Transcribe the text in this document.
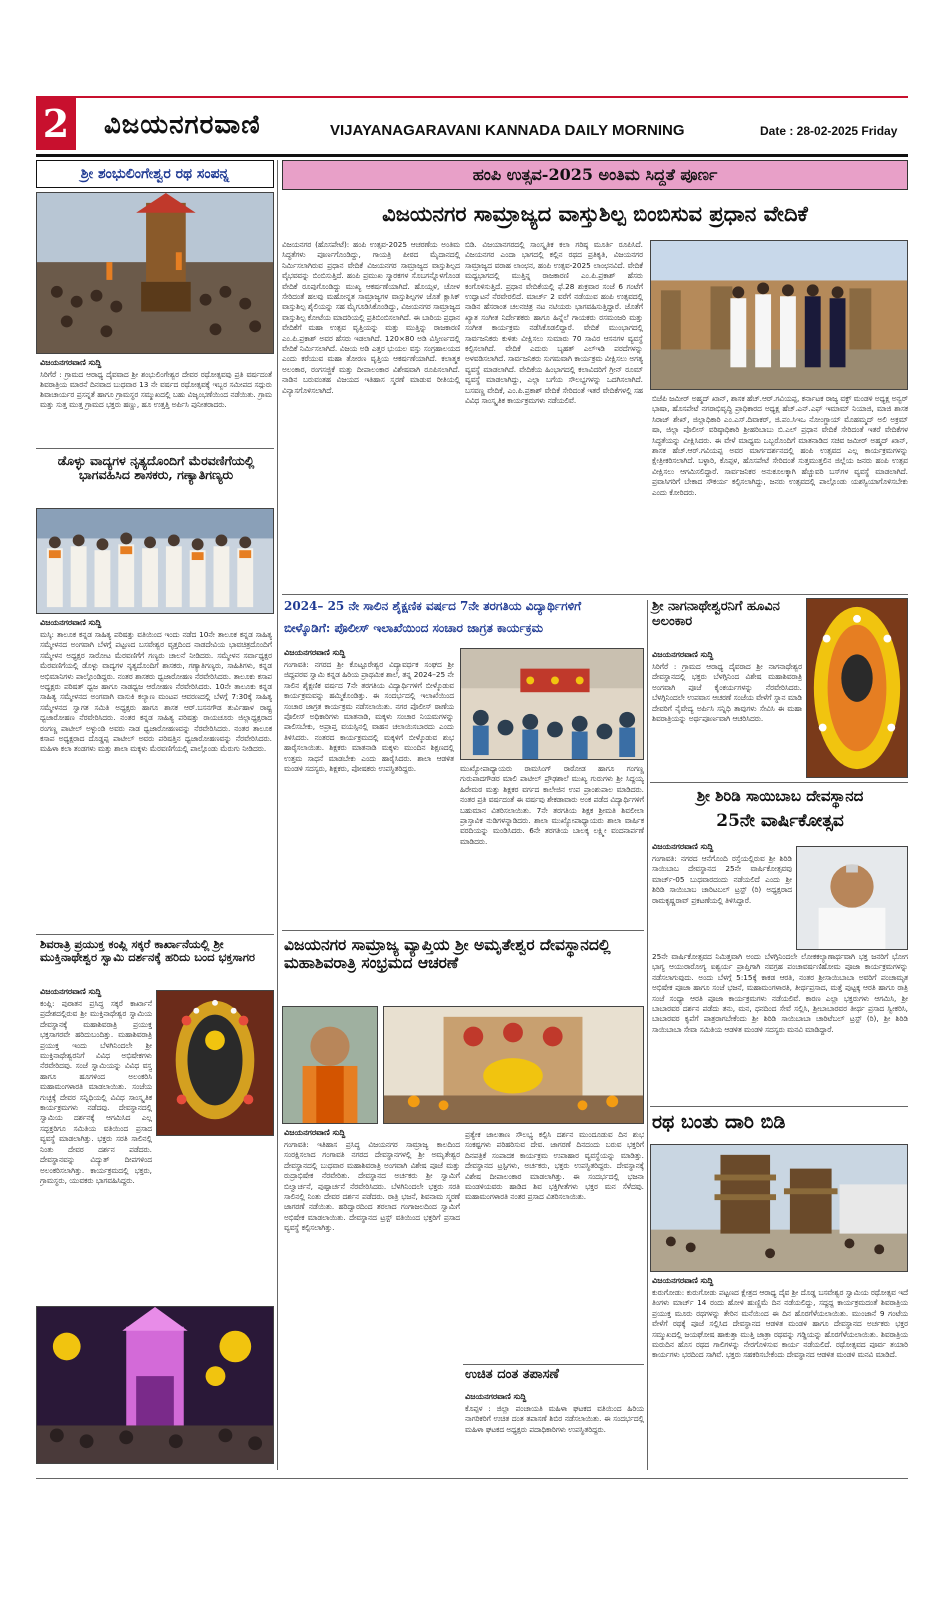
2 ವಿಜಯನಗರವಾಣಿ	VIJAYANAGARAVANI KANNADA DAILY MORNING	Date : 28-02-2025 Friday
ಶ್ರೀ ಶಂಭುಲಿಂಗೇಶ್ವರ ರಥ ಸಂಪನ್ನ
ವಿಜಯನಗರವಾಣಿ ಸುದ್ದಿ
ಸಿರಿಗೆರೆ : ಗ್ರಾಮದ ಆರಾಧ್ಯ ದೈವವಾದ ಶ್ರೀ ಶಂಭುಲಿಂಗೇಶ್ವರ ದೇವರ ರಥೋತ್ಸವವು ಪ್ರತಿ ವರ್ಷದಂತೆ ಶಿವರಾತ್ರಿಯ ಮಾರನೆ ದಿನವಾದ ಬುಧವಾರ 13 ನೇ ವರ್ಷದ ರಥೋತ್ಸವಕ್ಕೆ ಇಬ್ಬರ ಸಮೀಪದ ಸದ್ಗುರು ಶಿವಾಚಾರ್ಯರ ಪ್ರಸನ್ನತೆ ಹಾಗೂ ಗ್ರಾಮಸ್ಥರ ಸಮ್ಮುಖದಲ್ಲಿ ಬಹು ವಿಜೃಂಭಣೆಯಿಂದ ನಡೆಯಿತು. ಗ್ರಾಮ ಮತ್ತು ಸುತ್ತ ಮುತ್ತ ಗ್ರಾಮದ ಭಕ್ತರು ಹಣ್ಣು, ಹೂ ಉತ್ತತ್ತಿ ಅರ್ಪಿಸಿ ಪುನೀತರಾದರು.
ಡೊಳ್ಳು ವಾದ್ಯಗಳ ನೃತ್ಯದೊಂದಿಗೆ ಮೆರವಣಿಗೆಯಲ್ಲಿ ಭಾಗವಹಿಸಿದ ಶಾಸಕರು, ಗಣ್ಯಾತಿಗಣ್ಯರು
ವಿಜಯನಗರವಾಣಿ ಸುದ್ದಿ
ಮಸ್ಕಿ: ತಾಲೂಕ ಕನ್ನಡ ಸಾಹಿತ್ಯ ಪರಿಷತ್ತು ವತಿಯಿಂದ ಇಂದು ನಡೆದ 10ನೇ ತಾಲೂಕ ಕನ್ನಡ ಸಾಹಿತ್ಯ ಸಮ್ಮೇಳನದ ಅಂಗವಾಗಿ ಬೆಳಗ್ಗೆ ಪಟ್ಟಣದ ಬಸವೇಶ್ವರ ವೃತ್ತದಿಂದ ನಾಡದೇವಿಯ ಭಾವಚಿತ್ರದೊಂದಿಗೆ ಸಮ್ಮೇಳನ ಅಧ್ಯಕ್ಷರ ಸಾರೋಟ ಮೆರವಣಿಗೆಗೆ ಗಣ್ಯರು ಚಾಲನೆ ನೀಡಿದರು. ಸಮ್ಮೇಳನ ಸರ್ವಾಧ್ಯಕ್ಷರ ಮೆರವಣಿಗೆಯಲ್ಲಿ ಡೊಳ್ಳು ವಾದ್ಯಗಳ ನೃತ್ಯದೊಂದಿಗೆ ಶಾಸಕರು, ಗಣ್ಯಾತಿಗಣ್ಯರು, ಸಾಹಿತಿಗಳು, ಕನ್ನಡ ಅಭಿಮಾನಿಗಳು ಪಾಲ್ಗೊಂಡಿದ್ದರು. ನಂತರ ಶಾಸಕರು ಧ್ವಜಾರೋಹಣ ನೆರವೇರಿಸಿದರು. ತಾಲೂಕು ಕಸಾಪ ಅಧ್ಯಕ್ಷರು ಪರಿಷತ್ ಧ್ವಜ ಹಾಗೂ ನಾಡಧ್ವಜ ಆರೋಹಣ ನೆರವೇರಿಸಿದರು. 10ನೇ ತಾಲೂಕು ಕನ್ನಡ ಸಾಹಿತ್ಯ ಸಮ್ಮೇಳನದ ಅಂಗವಾಗಿ ವಾಸುಕಿ ಕಲ್ಯಾಣ ಮಂಟಪ ಆವರಣದಲ್ಲಿ ಬೆಳಗ್ಗೆ 7:30ಕ್ಕೆ ಸಾಹಿತ್ಯ ಸಮ್ಮೇಳನದ ಸ್ವಾಗತ ಸಮಿತಿ ಅಧ್ಯಕ್ಷರು ಹಾಗೂ ಶಾಸಕ ಆರ್.ಬಸನಗೌಡ ತುರ್ವಿಹಾಳ ರಾಷ್ಟ್ರ ಧ್ವಜಾರೋಹಣ ನೆರವೇರಿಸಿದರು. ನಂತರ ಕನ್ನಡ ಸಾಹಿತ್ಯ ಪರಿಷತ್ತು ರಾಯಚೂರು ಜಿಲ್ಲಾಧ್ಯಕ್ಷರಾದ ರಂಗಣ್ಣ ಪಾಟೀಲ್ ಅಳ್ಳುಂಡಿ ಅವರು ನಾಡ ಧ್ವಜಾರೋಹಣವನ್ನು ನೆರವೇರಿಸಿದರು. ನಂತರ ತಾಲೂಕ ಕಸಾಪ ಅಧ್ಯಕ್ಷರಾದ ದೊಡ್ಡಪ್ಪ ಪಾಟೀಲ್ ಅವರು ಪರಿಷತ್ತಿನ ಧ್ವಜಾರೋಹಣವನ್ನು ನೆರವೇರಿಸಿದರು. ಮಹಿಳಾ ಕಲಾ ತಂಡಗಳು ಮತ್ತು ಶಾಲಾ ಮಕ್ಕಳು ಮೆರವಣಿಗೆಯಲ್ಲಿ ಪಾಲ್ಗೊಂಡು ಮೆರುಗು ನೀಡಿದರು.
ಶಿವರಾತ್ರಿ ಪ್ರಯುಕ್ತ ಕಂಪ್ಲಿ ಸಕ್ಕರೆ ಕಾರ್ಖಾನೆಯಲ್ಲಿ ಶ್ರೀ ಮುಕ್ತಿನಾಥೇಶ್ವರ ಸ್ವಾಮಿ ದರ್ಶನಕ್ಕೆ ಹರಿದು ಬಂದ ಭಕ್ತಸಾಗರ
ವಿಜಯನಗರವಾಣಿ ಸುದ್ದಿ
ಕಂಪ್ಲಿ: ಪುರಾತನ ಪ್ರಸಿದ್ಧ ಸಕ್ಕರೆ ಕಾರ್ಖಾನೆ ಪ್ರದೇಶದಲ್ಲಿರುವ ಶ್ರೀ ಮುಕ್ತಿನಾಥೇಶ್ವರ ಸ್ವಾಮಿಯ ದೇವಸ್ಥಾನಕ್ಕೆ ಮಹಾಶಿವರಾತ್ರಿ ಪ್ರಯುಕ್ತ ಭಕ್ತಸಾಗರವೇ ಹರಿದುಬಂದಿತ್ತು. ಮಹಾಶಿವರಾತ್ರಿ ಪ್ರಯುಕ್ತ ಇಂದು ಬೆಳಗಿನಿಂದಲೇ ಶ್ರೀ ಮುಕ್ತಿನಾಥೇಶ್ವರನಿಗೆ ವಿವಿಧ ಅಭಿಷೇಕಗಳು ನೆರವೇರಿದವು. ಸಂಜೆ ಸ್ವಾಮಿಯನ್ನು ವಿವಿಧ ವಸ್ತ್ರ ಹಾಗೂ ಹೂಗಳಿಂದ ಅಲಂಕರಿಸಿ ಮಹಾಮಂಗಳಾರತಿ ಮಾಡಲಾಯಿತು. ಸಂಜೆಯ ಗುಚ್ಛಕ್ಕೆ ದೇವರ ಸನ್ನಿಧಿಯಲ್ಲಿ ವಿವಿಧ ಸಾಂಸ್ಕೃತಿಕ ಕಾರ್ಯಕ್ರಮಗಳು ನಡೆದವು. ದೇವಸ್ಥಾನದಲ್ಲಿ ಸ್ವಾಮಿಯ ದರ್ಶನಕ್ಕೆ ಆಗಮಿಸಿದ ಎಲ್ಲ ಸದ್ಭಕ್ತರಿಗೂ ಸಮಿತಿಯ ವತಿಯಿಂದ ಪ್ರಸಾದ ವ್ಯವಸ್ಥೆ ಮಾಡಲಾಗಿತ್ತು. ಭಕ್ತರು ಸರತಿ ಸಾಲಿನಲ್ಲಿ ನಿಂತು ದೇವರ ದರ್ಶನ ಪಡೆದರು. ದೇವಸ್ಥಾನವನ್ನು ವಿದ್ಯುತ್ ದೀಪಗಳಿಂದ ಅಲಂಕರಿಸಲಾಗಿತ್ತು. ಕಾರ್ಯಕ್ರಮದಲ್ಲಿ ಭಕ್ತರು, ಗ್ರಾಮಸ್ಥರು, ಯುವಕರು ಭಾಗವಹಿಸಿದ್ದರು.
ಹಂಪಿ ಉತ್ಸವ-2025 ಅಂತಿಮ ಸಿದ್ದತೆ ಪೂರ್ಣ
ವಿಜಯನಗರ ಸಾಮ್ರಾಜ್ಯದ ವಾಸ್ತುಶಿಲ್ಪ ಬಿಂಬಿಸುವ ಪ್ರಧಾನ ವೇದಿಕೆ
ವಿಜಯನಗರ (ಹೊಸಪೇಟೆ): ಹಂಪಿ ಉತ್ಸವ-2025 ಆಚರಣೆಯ ಅಂತಿಮ ಸಿದ್ಧತೆಗಳು ಪೂರ್ಣಗೊಂಡಿದ್ದು, ಗಾಯತ್ರಿ ಪೀಠದ ಮೈದಾನದಲ್ಲಿ ನಿರ್ಮಿಸಲಾಗಿರುವ ಪ್ರಧಾನ ವೇದಿಕೆ ವಿಜಯನಗರ ಸಾಮ್ರಾಜ್ಯದ ವಾಸ್ತುಶಿಲ್ಪದ ವೈಭವವನ್ನು ಬಿಂಬಿಸುತ್ತಿದೆ. ಹಂಪಿ ಪ್ರಮುಖ ಸ್ಮಾರಕಗಳ ಸೊಬಗನ್ನೊಳಗೊಂಡ ವೇದಿಕೆ ರೂಪುಗೊಂಡಿದ್ದು ಮುಖ್ಯ ಆಕರ್ಷಣೆಯಾಗಿದೆ. ಹೊಯ್ಸಳ, ಚೋಳ ಸೇರಿದಂತೆ ಹಲವು ಮಹೋನ್ನತ ಸಾಮ್ರಾಜ್ಯಗಳ ವಾಸ್ತುಶಿಲ್ಪಗಳ ಜೊತೆ ಕ್ಲಾಸಿಕ್ ವಾಸ್ತುಶಿಲ್ಪ ಶೈಲಿಯನ್ನು ಸಹ ಮೈಗೂಡಿಸಿಕೊಂಡಿದ್ದು, ವಿಜಯನಗರ ಸಾಮ್ರಾಜ್ಯದ ವಾಸ್ತುಶಿಲ್ಪ ಕೋಟೆಯ ಮಾದರಿಯಲ್ಲಿ ಪ್ರತಿಬಿಂಬಿಸಲಾಗಿದೆ. ಈ ಬಾರಿಯ ಪ್ರಧಾನ ವೇದಿಕೆಗೆ ಮಹಾ ಉತ್ಸವ ವೃತ್ತಿಯನ್ನು ಮತ್ತು ಮುತ್ತಿನ್ನು ರಾಜಕಾರಣಿ ಎಂ.ಪಿ.ಪ್ರಕಾಶ್ ಅವರ ಹೆಸರು ಇಡಲಾಗಿದೆ. 120×80 ಅಡಿ ವಿಸ್ತೀರ್ಣದಲ್ಲಿ ವೇದಿಕೆ ನಿರ್ಮಿಸಲಾಗಿದೆ. ವಿಜಯ ಅಡಿ ಎತ್ತರ ಭುಯಲ ವಸ್ತು ಸಂಗ್ರಹಾಲಯದ ಎಂದು ಕರೆಯುವ ಮಹಾ ತೋರಣ ವೃತ್ತಿಯ ಆಕರ್ಷಣೆಯಾಗಿದೆ. ಕಲಾತ್ಮಕ ಅಲಂಕಾರ, ರಂಗಸಜ್ಜಿಕೆ ಮತ್ತು ದೀಪಾಲಂಕಾರ ವಿಶೇಷವಾಗಿ ರೂಪಿಸಲಾಗಿದೆ. ನಾಡಿನ ಬರುವಂತಹ ವಿಜಯದ ಇತಿಹಾಸ ಸ್ಮರಣೆ ಮಾಡುವ ರೀತಿಯಲ್ಲಿ ವಿನ್ಯಾಸಗೊಳಿಸಲಾಗಿದೆ.
ಬಿಡಿ. ವಿಜಯಾನಗರದಲ್ಲಿ ಸಾಂಸ್ಕೃತಿಕ ಕಲಾ ಗರಿಷ್ಠ ಮೂರ್ತಿ ರೂಪಿಸಿದೆ. ವಿಜಯನಗರ ಎಂದಾ ಭಾಗದಲ್ಲಿ ಕಲ್ಲಿನ ರಥದ ಪ್ರತಿಕೃತಿ, ವಿಜಯನಗರ ಸಾಮ್ರಾಜ್ಯದ ವರಾಹ ಲಾಂಛನ, ಹಂಪಿ ಉತ್ಸವ-2025 ಲಾಂಛನವಿದೆ. ವೇದಿಕೆ ಮಧ್ಯಭಾಗದಲ್ಲಿ ಮುತ್ತಿನ್ನ ರಾಜಕಾರಣಿ ಎಂ.ಪಿ.ಪ್ರಕಾಶ್ ಹೆಸರು ಕಂಗೊಳಿಸುತ್ತಿದೆ. ಪ್ರಧಾನ ವೇದಿಕೆಯಲ್ಲಿ ಫೆ.28 ಶುಕ್ರವಾರ ಸಂಜೆ 6 ಗಂಟೆಗೆ ಉದ್ಘಾಟನೆ ನೆರವೇರಲಿದೆ. ಮಾರ್ಚ್ 2 ವರೆಗೆ ನಡೆಯುವ ಹಂಪಿ ಉತ್ಸವದಲ್ಲಿ ನಾಡಿನ ಹೆಸರಾಂತ ಚಲನಚಿತ್ರ ನಟ ನಟಿಯರು ಭಾಗವಹಿಸುತ್ತಿದ್ದಾರೆ. ಜೊತೆಗೆ ಖ್ಯಾತ ಸಂಗೀತ ನಿರ್ದೇಶಕರು ಹಾಗೂ ಹಿನ್ನೆಲೆ ಗಾಯಕರು ರಸಮಂಜರಿ ಮತ್ತು ಸಂಗೀತ ಕಾರ್ಯಕ್ರಮ ನಡೆಸಿಕೊಡಲಿದ್ದಾರೆ. ವೇದಿಕೆ ಮುಂಭಾಗದಲ್ಲಿ ಸಾರ್ವಜನಿಕರು ಕುಳಿತು ವೀಕ್ಷಿಸಲು ಸುಮಾರು 70 ಸಾವಿರ ಆಸನಗಳ ವ್ಯವಸ್ಥೆ ಕಲ್ಪಿಸಲಾಗಿದೆ. ವೇದಿಕೆ ಎದುರು ಬೃಹತ್ ಎಲ್‌ಇಡಿ ಪರದೆಗಳನ್ನು ಅಳವಡಿಸಲಾಗಿದೆ. ಸಾರ್ವಜನಿಕರು ಸುಗಮವಾಗಿ ಕಾರ್ಯಕ್ರಮ ವೀಕ್ಷಿಸಲು ಅಗತ್ಯ ವ್ಯವಸ್ಥೆ ಮಾಡಲಾಗಿದೆ. ವೇದಿಕೆಯ ಹಿಂಭಾಗದಲ್ಲಿ ಕಲಾವಿದರಿಗೆ ಗ್ರೀನ್ ರೂಮ್ ವ್ಯವಸ್ಥೆ ಮಾಡಲಾಗಿದ್ದು, ಎಲ್ಲಾ ಬಗೆಯ ಸೌಲಭ್ಯಗಳನ್ನು ಒದಗಿಸಲಾಗಿದೆ. ಬಸವಣ್ಣ ವೇದಿಕೆ, ಎಂ.ಪಿ.ಪ್ರಕಾಶ್ ವೇದಿಕೆ ಸೇರಿದಂತೆ ಇತರೆ ವೇದಿಕೆಗಳಲ್ಲಿ ಸಹ ವಿವಿಧ ಸಾಂಸ್ಕೃತಿಕ ಕಾರ್ಯಕ್ರಮಗಳು ನಡೆಯಲಿವೆ.	ಬಿಜೆಪಿ ಜಮೀರ್ ಅಹ್ಮದ್ ಖಾನ್, ಶಾಸಕ ಹೆಚ್.ಆರ್.ಗವಿಯಪ್ಪ, ಕರ್ನಾಟಕ ರಾಜ್ಯ ವಕ್ಫ್ ಮಂಡಳಿ ಅಧ್ಯಕ್ಷ ಅನ್ವರ್ ಭಾಷಾ, ಹೊಸಪೇಟೆ ನಗರಾಭಿವೃದ್ಧಿ ಪ್ರಾಧಿಕಾರದ ಅಧ್ಯಕ್ಷ ಹೆಚ್.ಎನ್.ಎಫ್ ಇಮಾಮ್ ನಿಯಾಜಿ, ಮಾಜಿ ಶಾಸಕ ಸಿರಾಜ್ ಶೇಖ್, ಜಿಲ್ಲಾಧಿಕಾರಿ ಎಂ.ಎಸ್.ದಿವಾಕರ್, ಜಿ.ಪಂ.ಸಿಇಒ ನೋಂಗ್ಜಾಯ್ ಮೊಹಮ್ಮದ್ ಅಲಿ ಅಕ್ರಮ್ ಷಾ, ಜಿಲ್ಲಾ ಪೊಲೀಸ್ ವರಿಷ್ಠಾಧಿಕಾರಿ ಶ್ರೀಹರಿಬಾಬು ಬಿ.ಎಲ್ ಪ್ರಧಾನ ವೇದಿಕೆ ಸೇರಿದಂತೆ ಇತರೆ ವೇದಿಕೆಗಳ ಸಿದ್ಧತೆಯನ್ನು ವೀಕ್ಷಿಸಿದರು. ಈ ವೇಳೆ ಮಾಧ್ಯಮ ಒಬ್ಬರೊಂದಿಗೆ ಮಾತನಾಡಿದ ಸಚಿವ ಜಮೀರ್ ಅಹ್ಮದ್ ಖಾನ್, ಶಾಸಕ ಹೆಚ್.ಆರ್.ಗವಿಯಪ್ಪ ಅವರ ಮಾರ್ಗದರ್ಶನದಲ್ಲಿ ಹಂಪಿ ಉತ್ಸವದ ಎಲ್ಲ ಕಾರ್ಯಕ್ರಮಗಳನ್ನು ಕ್ಷೇತ್ರೀಕರಿಸಲಾಗಿದೆ. ಬಳ್ಳಾರಿ, ಕೊಪ್ಪಳ, ಹೊಸಪೇಟೆ ಸೇರಿದಂತೆ ಸುತ್ತಮುತ್ತಲಿನ ಜಿಲ್ಲೆಯ ಜನರು ಹಂಪಿ ಉತ್ಸವ ವೀಕ್ಷಿಸಲು ಆಗಮಿಸಲಿದ್ದಾರೆ. ಸಾರ್ವಜನಿಕರ ಅನುಕೂಲಕ್ಕಾಗಿ ಹೆಚ್ಚುವರಿ ಬಸ್‌ಗಳ ವ್ಯವಸ್ಥೆ ಮಾಡಲಾಗಿದೆ. ಪ್ರವಾಸಿಗರಿಗೆ ಬೇಕಾದ ಸೌಕರ್ಯ ಕಲ್ಪಿಸಲಾಗಿದ್ದು, ಜನರು ಉತ್ಸವದಲ್ಲಿ ಪಾಲ್ಗೊಂಡು ಯಶಸ್ವಿಯಾಗೊಳಿಸಬೇಕು ಎಂದು ಕೋರಿದರು.
2024– 25 ನೇ ಸಾಲಿನ ಶೈಕ್ಷಣಿಕ ವರ್ಷದ 7ನೇ ತರಗತಿಯ ವಿದ್ಯಾರ್ಥಿಗಳಿಗೆ
ಬೀಳ್ಕೊಡಿಗೆ: ಪೊಲೀಸ್ ಇಲಾಖೆಯಿಂದ ಸಂಚಾರ ಜಾಗ್ರತ ಕಾರ್ಯಕ್ರಮ
ವಿಜಯನಗರವಾಣಿ ಸುದ್ದಿ
ಗಂಗಾವತಿ: ನಗರದ ಶ್ರೀ ಕೊಟ್ಟೂರೇಶ್ವರ ವಿದ್ಯಾವರ್ಧಕ ಸಂಘದ ಶ್ರೀ ಜಿದ್ದಪರವ ಸ್ವಾಮಿ ಕನ್ನಡ ಹಿರಿಯ ಪ್ರಾಥಮಿಕ ಶಾಲೆ, ತನ್ನ 2024–25 ನೇ ಸಾಲಿನ ಶೈಕ್ಷಣಿಕ ವರ್ಷದ 7ನೇ ತರಗತಿಯ ವಿದ್ಯಾರ್ಥಿಗಳಿಗೆ ಬೀಳ್ಕೊಡುವ ಕಾರ್ಯಕ್ರಮವನ್ನು ಹಮ್ಮಿಕೊಂಡಿತ್ತು. ಈ ಸಂದರ್ಭದಲ್ಲಿ ಇಲಾಖೆಯಿಂದ ಸಂಚಾರ ಜಾಗ್ರತ ಕಾರ್ಯಕ್ರಮ ನಡೆಸಲಾಯಿತು. ನಗರ ಪೊಲೀಸ್ ಠಾಣೆಯ ಪೊಲೀಸ್ ಅಧಿಕಾರಿಗಳು ಮಾತನಾಡಿ, ಮಕ್ಕಳು ಸಂಚಾರ ನಿಯಮಗಳನ್ನು ಪಾಲಿಸಬೇಕು, ಅಪ್ರಾಪ್ತ ವಯಸ್ಸಿನಲ್ಲಿ ವಾಹನ ಚಲಾಯಿಸಬಾರದು ಎಂದು ತಿಳಿಸಿದರು. ನಂತರದ ಕಾರ್ಯಕ್ರಮದಲ್ಲಿ ಮಕ್ಕಳಿಗೆ ಬೀಳ್ಕೊಡುವ ಶುಭ ಹಾರೈಸಲಾಯಿತು. ಶಿಕ್ಷಕರು ಮಾತನಾಡಿ ಮಕ್ಕಳು ಮುಂದಿನ ಶಿಕ್ಷಣದಲ್ಲಿ ಉತ್ತಮ ಸಾಧನೆ ಮಾಡಬೇಕು ಎಂದು ಹಾರೈಸಿದರು. ಶಾಲಾ ಆಡಳಿತ ಮಂಡಳಿ ಸದಸ್ಯರು, ಶಿಕ್ಷಕರು, ಪೋಷಕರು ಉಪಸ್ಥಿತರಿದ್ದರು.	ಮುಖ್ಯೋಪಾಧ್ಯಾಯರು ರಾಮಸಿಂಗ್ ರಾಠೋಡ ಹಾಗೂ ಗಂಗಣ್ಣ ಗುರುಪಾದಗೌಡರ ಮಾಲಿ ಪಾಟೀಲ್ ಪ್ರೌಢಶಾಲೆ ಮುಖ್ಯ ಗುರುಗಳು ಶ್ರೀ ಸಿದ್ದಯ್ಯ ಹಿರೇಮಠ ಮತ್ತು ಶಿಕ್ಷಕರ ವರ್ಗದ ಕಾಲೇಜಿನ ಉಪ ಪ್ರಾಂಶುಪಾಲ ಮಾಡಿದರು. ನಂತರ ಪ್ರತಿ ವರ್ಷದಂತೆ ಈ ವರ್ಷವು ಶೇಕಡಾವಾರು ಅಂಕ ಪಡೆದ ವಿದ್ಯಾರ್ಥಿಗಳಿಗೆ ಬಹುಮಾನ ವಿತರಿಸಲಾಯಿತು. 7ನೇ ತರಗತಿಯ ಶಿಕ್ಷಕ ಶ್ರೀಮತಿ ಶಿವಲೀಲಾ ಪ್ರಾಸ್ತಾವಿಕ ನುಡಿಗಳನ್ನಾಡಿದರು. ಶಾಲಾ ಮುಖ್ಯೋಪಾಧ್ಯಾಯರು ಶಾಲಾ ವಾರ್ಷಿಕ ವರದಿಯನ್ನು ಮಂಡಿಸಿದರು. 6ನೇ ತರಗತಿಯ ಬಾಲಕ್ಕ ಲಕ್ಷ್ಮೀ ವಂದನಾರ್ಪಣೆ ಮಾಡಿದರು.
ವಿಜಯನಗರ ಸಾಮ್ರಾಜ್ಯ ವ್ಯಾಪ್ತಿಯ ಶ್ರೀ ಅಮೃತೇಶ್ವರ ದೇವಸ್ಥಾನದಲ್ಲಿ ಮಹಾಶಿವರಾತ್ರಿ ಸಂಭ್ರಮದ ಆಚರಣೆ
ವಿಜಯನಗರವಾಣಿ ಸುದ್ದಿ
ಗಂಗಾವತಿ: ಇತಿಹಾಸ ಪ್ರಸಿದ್ಧ ವಿಜಯನಗರ ಸಾಮ್ರಾಜ್ಯ ಕಾಲದಿಂದ ಸಂರಕ್ಷಿಸಲಾದ ಗಂಗಾವತಿ ನಗರದ ದೇವಸ್ಥಾನಗಳಲ್ಲಿ ಶ್ರೀ ಅಮೃತೇಶ್ವರ ದೇವಸ್ಥಾನದಲ್ಲಿ ಬುಧವಾರ ಮಹಾಶಿವರಾತ್ರಿ ಅಂಗವಾಗಿ ವಿಶೇಷ ಪೂಜೆ ಮತ್ತು ರುದ್ರಾಭಿಷೇಕ ನೆರವೇರಿತು. ದೇವಸ್ಥಾನದ ಅರ್ಚಕರು ಶ್ರೀ ಸ್ವಾಮಿಗೆ ಬಿಲ್ವಾರ್ಚನೆ, ಪುಷ್ಪಾರ್ಚನೆ ನೆರವೇರಿಸಿದರು. ಬೆಳಗಿನಿಂದಲೇ ಭಕ್ತರು ಸರತಿ ಸಾಲಿನಲ್ಲಿ ನಿಂತು ದೇವರ ದರ್ಶನ ಪಡೆದರು. ರಾತ್ರಿ ಭಜನೆ, ಶಿವನಾಮ ಸ್ಮರಣೆ ಜಾಗರಣೆ ನಡೆಯಿತು. ಹರಿದ್ವಾರದಿಂದ ತರಲಾದ ಗಂಗಾಜಲದಿಂದ ಸ್ವಾಮಿಗೆ ಅಭಿಷೇಕ ಮಾಡಲಾಯಿತು. ದೇವಸ್ಥಾನದ ಟ್ರಸ್ಟ್ ವತಿಯಿಂದ ಭಕ್ತರಿಗೆ ಪ್ರಸಾದ ವ್ಯವಸ್ಥೆ ಕಲ್ಪಿಸಲಾಗಿತ್ತು.
ಪ್ರತ್ಯೇಕ ಜಾಲತಾಣ ಸೌಲಭ್ಯ ಕಲ್ಪಿಸಿ ದರ್ಶನ ಮುಂದೂಡುವ ದಿನ ಶುಭ ಸಂಕಷ್ಟಗಳು ಪರಿಹರಿಸುವ ದೇವ. ಜಾಗರಣೆ ದಿನದಂದು ಬರುವ ಭಕ್ತರಿಗೆ ದಿನಪತ್ರಿಕೆ ಸಂಪಾದಕ ಕಾರ್ಯಕ್ರಮ ಉಪಾಹಾರ ವ್ಯವಸ್ಥೆಯನ್ನು ಮಾಡಿತ್ತು. ದೇವಸ್ಥಾನದ ಟ್ರಸ್ಟಿಗಳು, ಅರ್ಚಕರು, ಭಕ್ತರು ಉಪಸ್ಥಿತರಿದ್ದರು. ದೇವಸ್ಥಾನಕ್ಕೆ ವಿಶೇಷ ದೀಪಾಲಂಕಾರ ಮಾಡಲಾಗಿತ್ತು. ಈ ಸಂದರ್ಭದಲ್ಲಿ ಭಜನಾ ಮಂಡಳಿಯವರು ಹಾಡಿದ ಶಿವ ಭಕ್ತಿಗೀತೆಗಳು ಭಕ್ತರ ಮನ ಸೆಳೆದವು. ಮಹಾಮಂಗಳಾರತಿ ನಂತರ ಪ್ರಸಾದ ವಿತರಿಸಲಾಯಿತು.
ಉಚಿತ ದಂತ ತಪಾಸಣೆ
ವಿಜಯನಗರವಾಣಿ ಸುದ್ದಿ
ಕೊಪ್ಪಳ : ಜಿಲ್ಲಾ ಪಂಚಾಯತಿ ಮಹಿಳಾ ಘಟಕದ ವತಿಯಿಂದ ಹಿರಿಯ ನಾಗರಿಕರಿಗೆ ಉಚಿತ ದಂತ ತಪಾಸಣೆ ಶಿಬಿರ ನಡೆಸಲಾಯಿತು. ಈ ಸಂದರ್ಭದಲ್ಲಿ ಮಹಿಳಾ ಘಟಕದ ಅಧ್ಯಕ್ಷರು ಪದಾಧಿಕಾರಿಗಳು ಉಪಸ್ಥಿತರಿದ್ದರು.
ಶ್ರೀ ನಾಗನಾಥೇಶ್ವರನಿಗೆ ಹೂವಿನ ಅಲಂಕಾರ
ವಿಜಯನಗರವಾಣಿ ಸುದ್ದಿ
ಸಿರಿಗೆರೆ : ಗ್ರಾಮದ ಆರಾಧ್ಯ ದೈವರಾದ ಶ್ರೀ ನಾಗನಾಥೇಶ್ವರ ದೇವಸ್ಥಾನದಲ್ಲಿ ಭಕ್ತರು ಬೆಳಗ್ಗಿನಿಂದ ವಿಶೇಷ ಮಹಾಶಿವರಾತ್ರಿ ಅಂಗವಾಗಿ ಪೂಜೆ ಕೈಂಕರ್ಯಗಳನ್ನು ನೆರವೇರಿಸಿದರು. ಬೆಳಗ್ಗಿನಿಂದಲೇ ಉಪವಾಸ ಆಚರಣೆ ಸಂಜೆಯ ವೇಳೆಗೆ ಸ್ನಾನ ಮಾಡಿ ದೇವರಿಗೆ ನೈವೇದ್ಯ ಅರ್ಪಿಸಿ ಸನ್ನಿಧಿ ತಾವುಗಳು ಸೇವಿಸಿ ಈ ಮಹಾ ಶಿವರಾತ್ರಿಯನ್ನು ಅರ್ಥಪೂರ್ಣವಾಗಿ ಆಚರಿಸಿದರು.
ಶ್ರೀ ಶಿರಿಡಿ ಸಾಯಿಬಾಬ ದೇವಸ್ಥಾನದ
25ನೇ ವಾರ್ಷಿಕೋತ್ಸವ
ವಿಜಯನಗರವಾಣಿ ಸುದ್ದಿ
ಗಂಗಾವತಿ: ನಗರದ ಆನೆಗೊಂದಿ ರಸ್ತೆಯಲ್ಲಿರುವ ಶ್ರೀ ಶಿರಿಡಿ ಸಾಯಿಬಾಬ ದೇವಸ್ಥಾನದ 25ನೇ ವಾರ್ಷಿಕೋತ್ಸವವು ಮಾರ್ಚ್-05 ಬುಧವಾರದಂದು ನಡೆಯಲಿದೆ ಎಂದು ಶ್ರೀ ಶಿರಿಡಿ ಸಾಯಿಬಾಬ ಚಾರಿಟಬಲ್ ಟ್ರಸ್ಟ್ (ರಿ) ಅಧ್ಯಕ್ಷರಾದ ರಾಮಕೃಷ್ಣರಾವ್ ಪ್ರಕಟಣೆಯಲ್ಲಿ ತಿಳಿಸಿದ್ದಾರೆ.
25ನೇ ವಾರ್ಷಿಕೋತ್ಸವದ ನಿಮಿತ್ತವಾಗಿ ಅಂದು ಬೆಳಗ್ಗಿನಿಂದಲೇ ಲೋಕಕಲ್ಯಾಣಾರ್ಥವಾಗಿ ಭಕ್ತ ಜನರಿಗೆ ಭೋಗ ಭಾಗ್ಯ ಆಯುರಾರೋಗ್ಯ ಐಶ್ವರ್ಯ ಪ್ರಾಪ್ತಿಗಾಗಿ ನವಗ್ರಹ ಪಂಚಾವರ್ಷಣಿಹೋಮ ಪೂಜಾ ಕಾರ್ಯಕ್ರಮಗಳನ್ನು ನಡೆಸಲಾಗುವುದು. ಅಂದು ಬೆಳಗ್ಗೆ 5:15ಕ್ಕೆ ಕಾಕಡ ಆರತಿ, ನಂತರ ಶ್ರೀಸಾಯಿಬಾಬಾ ಅವರಿಗೆ ಪಂಚಾಮೃತ ಅಭಿಷೇಕ ಪೂಜಾ ಹಾಗೂ ಸಂಜೆ ಭಜನೆ, ಮಹಾಮಂಗಳಾರತಿ, ತೀರ್ಥಪ್ರಸಾದ, ಮತ್ತೆ ಪುಟ್ಟಕ್ಕ ಆರತಿ ಹಾಗೂ ರಾತ್ರಿ ಸಂಜೆ ಸಂಧ್ಯಾ ಆರತಿ ಪೂಜಾ ಕಾರ್ಯಕ್ರಮಗಳು ನಡೆಯಲಿವೆ. ಕಾರಣ ಎಲ್ಲಾ ಭಕ್ತರುಗಳು ಆಗಮಿಸಿ, ಶ್ರೀ ಬಾಬಾರವರ ದರ್ಶನ ಪಡೆದು ತನು, ಮನ, ಧನದಿಂದ ಸೇವೆ ಸಲ್ಲಿಸಿ, ಶ್ರೀಬಾಬಾರವರ ತೀರ್ಥ ಪ್ರಸಾದ ಸ್ವೀಕರಿಸಿ, ಬಾಬಾರವರ ಕೃಪೆಗೆ ಪಾತ್ರರಾಗಬೇಕೆಂದು ಶ್ರೀ ಶಿರಿಡಿ ಸಾಯಿಬಾಬಾ ಚಾರಿಟೆಬಲ್ ಟ್ರಸ್ಟ್ (ರಿ), ಶ್ರೀ ಶಿರಿಡಿ ಸಾಯಿಬಾಬಾ ಸೇವಾ ಸಮಿತಿಯ ಆಡಳಿತ ಮಂಡಳಿ ಸದಸ್ಯರು ಮನವಿ ಮಾಡಿದ್ದಾರೆ.
ರಥ ಬಂತು ದಾರಿ ಬಿಡಿ
ವಿಜಯನಗರವಾಣಿ ಸುದ್ದಿ
ಕುರುಗೋಡು: ಕುರುಗೋಡು ಪಟ್ಟಣದ ಕ್ಷೇತ್ರದ ಆರಾಧ್ಯ ದೈವ ಶ್ರೀ ದೊಡ್ಡ ಬಸವೇಶ್ವರ ಸ್ವಾಮಿಯ ರಥೋತ್ಸವ ಇದೆ ತಿಂಗಳು ಮಾರ್ಚ್ 14 ರಂದು ಹೋಳಿ ಹುಣ್ಣಿಮೆ ದಿನ ನಡೆಯಲಿದ್ದು, ಸದ್ದದ್ದ ಕಾರ್ಯಕ್ರಮದಂತೆ ಶಿವರಾತ್ರಿಯ ಪ್ರಯುಕ್ತ ಮೂರು ರಥಗಳನ್ನು ತೇರಿನ ಮನೆಯಿಂದ ಈ ದಿನ ಹೊರಗೆಳೆಯಲಾಯಿತು. ಮುಂಜಾನೆ 9 ಗಂಟೆಯ ವೇಳೆಗೆ ರಥಕ್ಕೆ ಪೂಜೆ ಸಲ್ಲಿಸಿದ ದೇವಸ್ಥಾನದ ಆಡಳಿತ ಮಂಡಳಿ ಹಾಗೂ ದೇವಸ್ಥಾನದ ಅರ್ಚಕರು ಭಕ್ತರ ಸಮ್ಮುಖದಲ್ಲಿ ಜಯಘೋಷ ಹಾಕುತ್ತಾ ಮುತ್ತಿ ಜಾತ್ರಾ ರಥವನ್ನು ಗಡ್ಡಿಯನ್ನು ಹೊರಗೆಳೆಯಲಾಯಿತು. ಶಿವರಾತ್ರಿಯ ಮರುದಿನ ಹೊಸ ರಥದ ಗಾಲಿಗಳನ್ನು ನೇರಗೊಳಿಸುವ ಕಾರ್ಯ ನಡೆಯಲಿದೆ. ರಥೋತ್ಸವದ ಪೂರ್ವ ತಯಾರಿ ಕಾರ್ಯಗಳು ಭರದಿಂದ ಸಾಗಿವೆ. ಭಕ್ತರು ಸಹಕರಿಸಬೇಕೆಂದು ದೇವಸ್ಥಾನದ ಆಡಳಿತ ಮಂಡಳಿ ಮನವಿ ಮಾಡಿದೆ.
